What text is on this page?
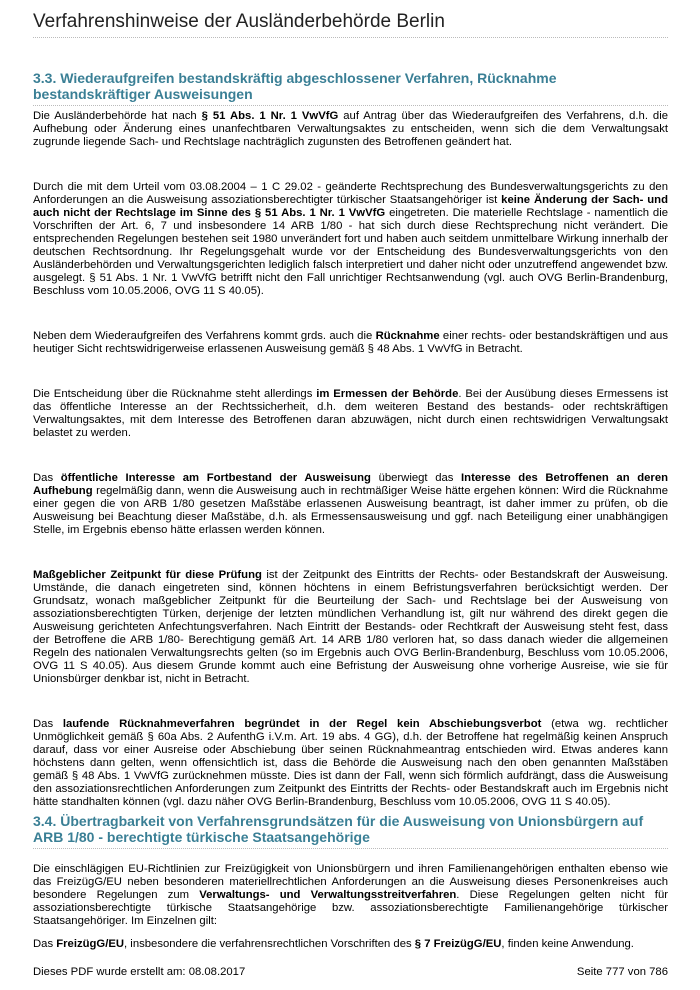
Verfahrenshinweise der Ausländerbehörde Berlin
3.3. Wiederaufgreifen bestandskräftig abgeschlossener Verfahren, Rücknahme bestandskräftiger Ausweisungen

Die Ausländerbehörde hat nach § 51 Abs. 1 Nr. 1 VwVfG auf Antrag über das Wiederaufgreifen des Verfahrens, d.h. die Aufhebung oder Änderung eines unanfechtbaren Verwaltungsaktes zu entscheiden, wenn sich die dem Verwaltungsakt zugrunde liegende Sach- und Rechtslage nachträglich zugunsten des Betroffenen geändert hat.

Durch die mit dem Urteil vom 03.08.2004 – 1 C 29.02 - geänderte Rechtsprechung des Bundesverwaltungsgerichts zu den Anforderungen an die Ausweisung assoziationsberechtigter türkischer Staatsangehöriger ist keine Änderung der Sach- und auch nicht der Rechtslage im Sinne des § 51 Abs. 1 Nr. 1 VwVfG eingetreten. Die materielle Rechtslage - namentlich die Vorschriften der Art. 6, 7 und insbesondere 14 ARB 1/80 - hat sich durch diese Rechtsprechung nicht verändert. Die entsprechenden Regelungen bestehen seit 1980 unverändert fort und haben auch seitdem unmittelbare Wirkung innerhalb der deutschen Rechtsordnung. Ihr Regelungsgehalt wurde vor der Entscheidung des Bundesverwaltungsgerichts von den Ausländerbehörden und Verwaltungsgerichten lediglich falsch interpretiert und daher nicht oder unzutreffend angewendet bzw. ausgelegt. § 51 Abs. 1 Nr. 1 VwVfG betrifft nicht den Fall unrichtiger Rechtsanwendung (vgl. auch OVG Berlin-Brandenburg, Beschluss vom 10.05.2006, OVG 11 S 40.05).

Neben dem Wiederaufgreifen des Verfahrens kommt grds. auch die Rücknahme einer rechts- oder bestandskräftigen und aus heutiger Sicht rechtswidrigerweise erlassenen Ausweisung gemäß § 48 Abs. 1 VwVfG in Betracht.

Die Entscheidung über die Rücknahme steht allerdings im Ermessen der Behörde. Bei der Ausübung dieses Ermessens ist das öffentliche Interesse an der Rechtssicherheit, d.h. dem weiteren Bestand des bestands- oder rechtskräftigen Verwaltungsaktes, mit dem Interesse des Betroffenen daran abzuwägen, nicht durch einen rechtswidrigen Verwaltungsakt belastet zu werden.

Das öffentliche Interesse am Fortbestand der Ausweisung überwiegt das Interesse des Betroffenen an deren Aufhebung regelmäßig dann, wenn die Ausweisung auch in rechtmäßiger Weise hätte ergehen können: Wird die Rücknahme einer gegen die von ARB 1/80 gesetzen Maßstäbe erlassenen Ausweisung beantragt, ist daher immer zu prüfen, ob die Ausweisung bei Beachtung dieser Maßstäbe, d.h. als Ermessensausweisung und ggf. nach Beteiligung einer unabhängigen Stelle, im Ergebnis ebenso hätte erlassen werden können.

Maßgeblicher Zeitpunkt für diese Prüfung ist der Zeitpunkt des Eintritts der Rechts- oder Bestandskraft der Ausweisung. Umstände, die danach eingetreten sind, können höchtens in einem Befristungsverfahren berücksichtigt werden. Der Grundsatz, wonach maßgeblicher Zeitpunkt für die Beurteilung der Sach- und Rechtslage bei der Ausweisung von assoziationsberechtigten Türken, derjenige der letzten mündlichen Verhandlung ist, gilt nur während des direkt gegen die Ausweisung gerichteten Anfechtungsverfahren. Nach Eintritt der Bestands- oder Rechtkraft der Ausweisung steht fest, dass der Betroffene die ARB 1/80- Berechtigung gemäß Art. 14 ARB 1/80 verloren hat, so dass danach wieder die allgemeinen Regeln des nationalen Verwaltungsrechts gelten (so im Ergebnis auch OVG Berlin-Brandenburg, Beschluss vom 10.05.2006, OVG 11 S 40.05). Aus diesem Grunde kommt auch eine Befristung der Ausweisung ohne vorherige Ausreise, wie sie für Unionsbürger denkbar ist, nicht in Betracht.

Das laufende Rücknahmeverfahren begründet in der Regel kein Abschiebungsverbot (etwa wg. rechtlicher Unmöglichkeit gemäß § 60a Abs. 2 AufenthG i.V.m. Art. 19 abs. 4 GG), d.h. der Betroffene hat regelmäßig keinen Anspruch darauf, dass vor einer Ausreise oder Abschiebung über seinen Rücknahmeantrag entschieden wird. Etwas anderes kann höchstens dann gelten, wenn offensichtlich ist, dass die Behörde die Ausweisung nach den oben genannten Maßstäben gemäß § 48 Abs. 1 VwVfG zurücknehmen müsste. Dies ist dann der Fall, wenn sich förmlich aufdrängt, dass die Ausweisung den assoziationsrechtlichen Anforderungen zum Zeitpunkt des Eintritts der Rechts- oder Bestandskraft auch im Ergebnis nicht hätte standhalten können (vgl. dazu näher OVG Berlin-Brandenburg, Beschluss vom 10.05.2006, OVG 11 S 40.05).

3.4. Übertragbarkeit von Verfahrensgrundsätzen für die Ausweisung von Unionsbürgern auf ARB 1/80 - berechtigte türkische Staatsangehörige

Die einschlägigen EU-Richtlinien zur Freizügigkeit von Unionsbürgern und ihren Familienangehörigen enthalten ebenso wie das FreizügG/EU neben besonderen materiellrechtlichen Anforderungen an die Ausweisung dieses Personenkreises auch besondere Regelungen zum Verwaltungs- und Verwaltungsstreitverfahren. Diese Regelungen gelten nicht für assoziationsberechtigte türkische Staatsangehörige bzw. assoziationsberechtigte Familienangehörige türkischer Staatsangehöriger. Im Einzelnen gilt:

Das FreizügG/EU, insbesondere die verfahrensrechtlichen Vorschriften des § 7 FreizügG/EU, finden keine Anwendung.

Dieses PDF wurde erstellt am: 08.08.2017	Seite 777 von 786
